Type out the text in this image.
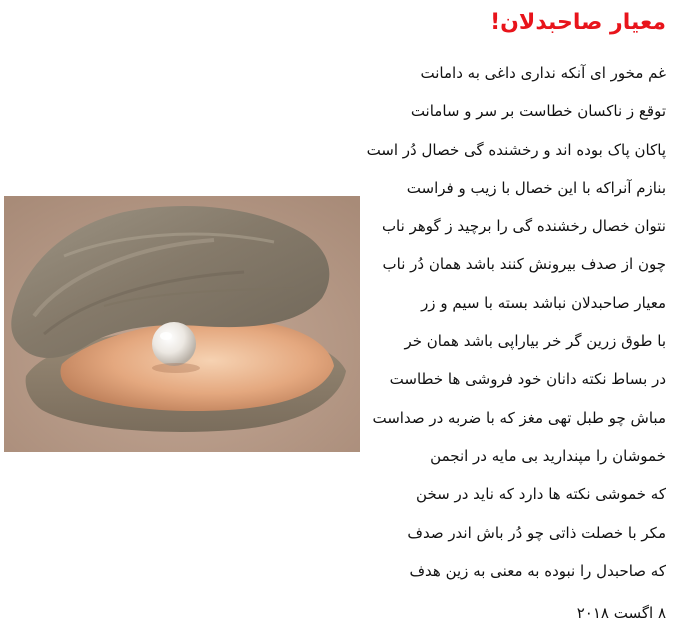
معیار صاحبدلان!
غم مخور ای آنکه نداری داغی به دامانت
توقع ز ناکسان خطاست بر سر و سامانت
پاکان پاک بوده اند و رخشنده گی خصال دُر است
بنازم آنراکه با این خصال با زیب و فراست
نتوان خصال رخشنده گی را برچید ز گوهر ناب
چون از صدف بیرونش کنند باشد همان دُر ناب
معیار صاحبدلان نباشد بسته با سیم و زر
با طوق زرین گر خر بیاراپی باشد همان خر
در بساط نکته دانان خود فروشی ها خطاست
مباش چو طبل تهی مغز که با ضربه در صداست
خموشان را مپندارید بی مایه در انجمن
که خموشی نکته ها دارد که ناید در سخن
مکر با خصلت ذاتی چو دُر باش اندر صدف
که صاحبدل را نبوده به معنی به زین هدف
۸ اگست ۲۰۱۸
